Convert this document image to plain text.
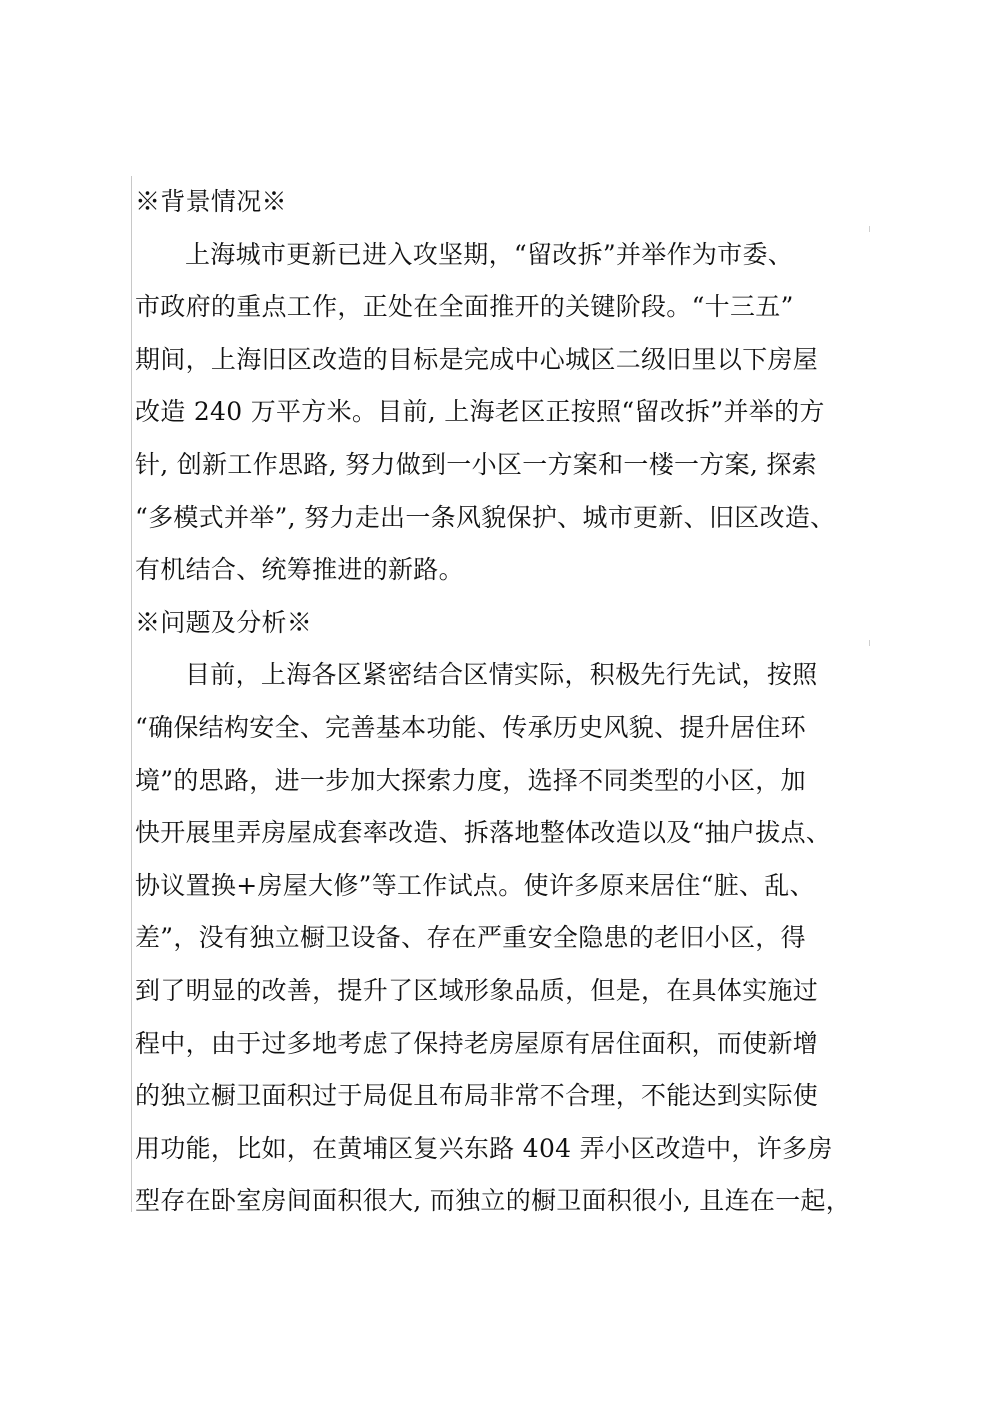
※背景情况※
上海城市更新已进入攻坚期，“留改拆”并举作为市委、
市政府的重点工作，正处在全面推开的关键阶段。“十三五”
期间，上海旧区改造的目标是完成中心城区二级旧里以下房屋
改造 240 万平方米。目前, 上海老区正按照“留改拆”并举的方
针, 创新工作思路, 努力做到一小区一方案和一楼一方案, 探索
“多模式并举”, 努力走出一条风貌保护、城市更新、旧区改造、
有机结合、统筹推进的新路。
※问题及分析※
目前，上海各区紧密结合区情实际，积极先行先试，按照
“确保结构安全、完善基本功能、传承历史风貌、提升居住环
境”的思路，进一步加大探索力度，选择不同类型的小区，加
快开展里弄房屋成套率改造、拆落地整体改造以及“抽户拔点、
协议置换+房屋大修”等工作试点。使许多原来居住“脏、乱、
差”，没有独立橱卫设备、存在严重安全隐患的老旧小区，得
到了明显的改善，提升了区域形象品质，但是，在具体实施过
程中，由于过多地考虑了保持老房屋原有居住面积，而使新增
的独立橱卫面积过于局促且布局非常不合理，不能达到实际使
用功能，比如，在黄埔区复兴东路 404 弄小区改造中，许多房
型存在卧室房间面积很大, 而独立的橱卫面积很小, 且连在一起，
